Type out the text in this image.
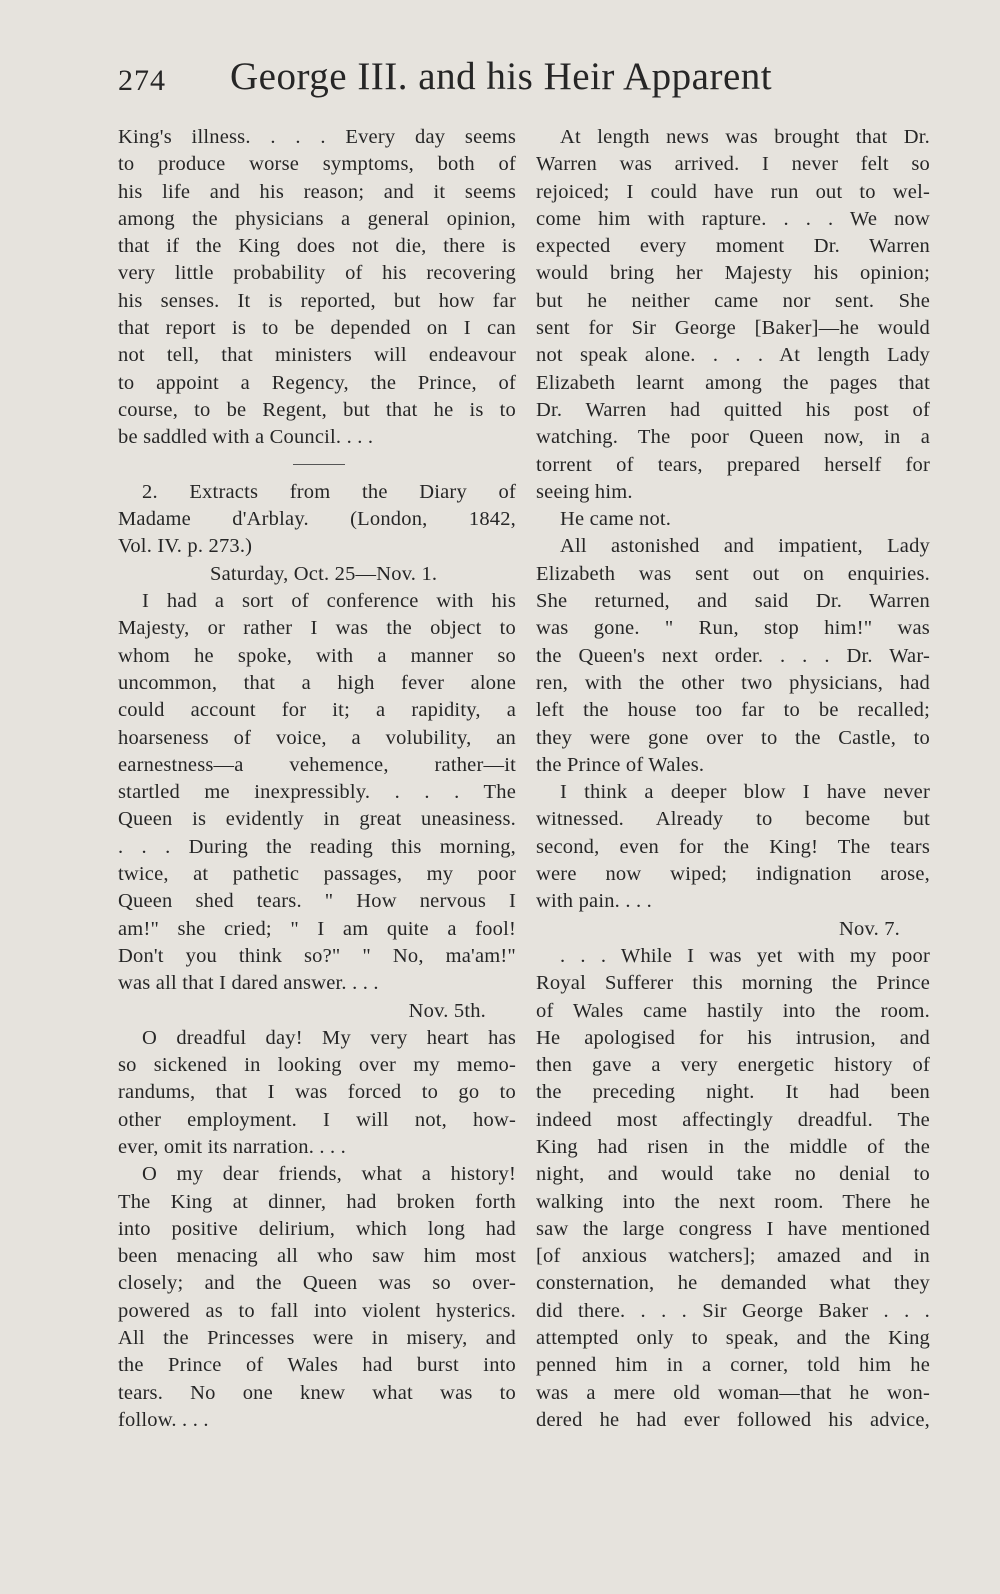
274 George III. and his Heir Apparent
King's illness. . . . Every day seems
to produce worse symptoms, both of
his life and his reason; and it seems
among the physicians a general opinion,
that if the King does not die, there is
very little probability of his recovering
his senses. It is reported, but how far
that report is to be depended on I can
not tell, that ministers will endeavour
to appoint a Regency, the Prince, of
course, to be Regent, but that he is to
be saddled with a Council. . . .
2. Extracts from the Diary of
Madame d'Arblay. (London, 1842,
Vol. IV. p. 273.)
Saturday, Oct. 25—Nov. 1.
I had a sort of conference with his
Majesty, or rather I was the object to
whom he spoke, with a manner so
uncommon, that a high fever alone
could account for it; a rapidity, a
hoarseness of voice, a volubility, an
earnestness—a vehemence, rather—it
startled me inexpressibly. . . . The
Queen is evidently in great uneasiness.
. . . During the reading this morning,
twice, at pathetic passages, my poor
Queen shed tears. " How nervous I
am!" she cried; " I am quite a fool!
Don't you think so?" " No, ma'am!"
was all that I dared answer. . . .
Nov. 5th.
O dreadful day! My very heart has
so sickened in looking over my memo-
randums, that I was forced to go to
other employment. I will not, how-
ever, omit its narration. . . .
O my dear friends, what a history!
The King at dinner, had broken forth
into positive delirium, which long had
been menacing all who saw him most
closely; and the Queen was so over-
powered as to fall into violent hysterics.
All the Princesses were in misery, and
the Prince of Wales had burst into
tears. No one knew what was to
follow. . . .
At length news was brought that Dr.
Warren was arrived. I never felt so
rejoiced; I could have run out to wel-
come him with rapture. . . . We now
expected every moment Dr. Warren
would bring her Majesty his opinion;
but he neither came nor sent. She
sent for Sir George [Baker]—he would
not speak alone. . . . At length Lady
Elizabeth learnt among the pages that
Dr. Warren had quitted his post of
watching. The poor Queen now, in a
torrent of tears, prepared herself for
seeing him.
He came not.
All astonished and impatient, Lady
Elizabeth was sent out on enquiries.
She returned, and said Dr. Warren
was gone. " Run, stop him!" was
the Queen's next order. . . . Dr. War-
ren, with the other two physicians, had
left the house too far to be recalled;
they were gone over to the Castle, to
the Prince of Wales.
I think a deeper blow I have never
witnessed. Already to become but
second, even for the King! The tears
were now wiped; indignation arose,
with pain. . . .
Nov. 7.
. . . While I was yet with my poor
Royal Sufferer this morning the Prince
of Wales came hastily into the room.
He apologised for his intrusion, and
then gave a very energetic history of
the preceding night. It had been
indeed most affectingly dreadful. The
King had risen in the middle of the
night, and would take no denial to
walking into the next room. There he
saw the large congress I have mentioned
[of anxious watchers]; amazed and in
consternation, he demanded what they
did there. . . . Sir George Baker . . .
attempted only to speak, and the King
penned him in a corner, told him he
was a mere old woman—that he won-
dered he had ever followed his advice,
